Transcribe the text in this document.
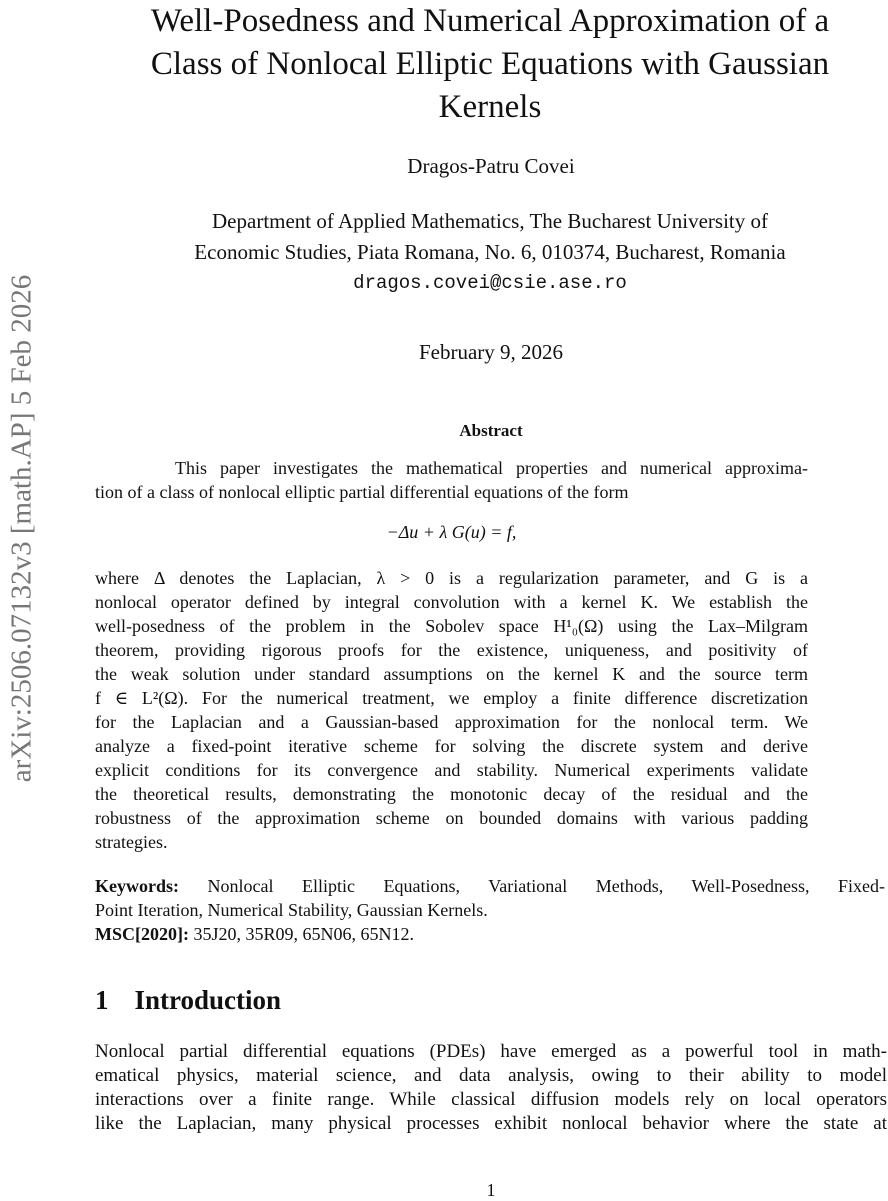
arXiv:2506.07132v3 [math.AP] 5 Feb 2026
Well-Posedness and Numerical Approximation of a
Class of Nonlocal Elliptic Equations with Gaussian
Kernels
Dragos-Patru Covei
Department of Applied Mathematics, The Bucharest University of
Economic Studies, Piata Romana, No. 6, 010374, Bucharest, Romania
dragos.covei@csie.ase.ro
February 9, 2026
Abstract
This paper investigates the mathematical properties and numerical approxima-
tion of a class of nonlocal elliptic partial differential equations of the form
−Δu + λ G(u) = f,
where Δ denotes the Laplacian, λ > 0 is a regularization parameter, and G is a
nonlocal operator defined by integral convolution with a kernel K. We establish the
well-posedness of the problem in the Sobolev space H¹₀(Ω) using the Lax–Milgram
theorem, providing rigorous proofs for the existence, uniqueness, and positivity of
the weak solution under standard assumptions on the kernel K and the source term
f ∈ L²(Ω). For the numerical treatment, we employ a finite difference discretization
for the Laplacian and a Gaussian-based approximation for the nonlocal term. We
analyze a fixed-point iterative scheme for solving the discrete system and derive
explicit conditions for its convergence and stability. Numerical experiments validate
the theoretical results, demonstrating the monotonic decay of the residual and the
robustness of the approximation scheme on bounded domains with various padding
strategies.
Keywords: Nonlocal Elliptic Equations, Variational Methods, Well-Posedness, Fixed-
Point Iteration, Numerical Stability, Gaussian Kernels.
MSC[2020]: 35J20, 35R09, 65N06, 65N12.
1 Introduction
Nonlocal partial differential equations (PDEs) have emerged as a powerful tool in math-
ematical physics, material science, and data analysis, owing to their ability to model
interactions over a finite range. While classical diffusion models rely on local operators
like the Laplacian, many physical processes exhibit nonlocal behavior where the state at
1
